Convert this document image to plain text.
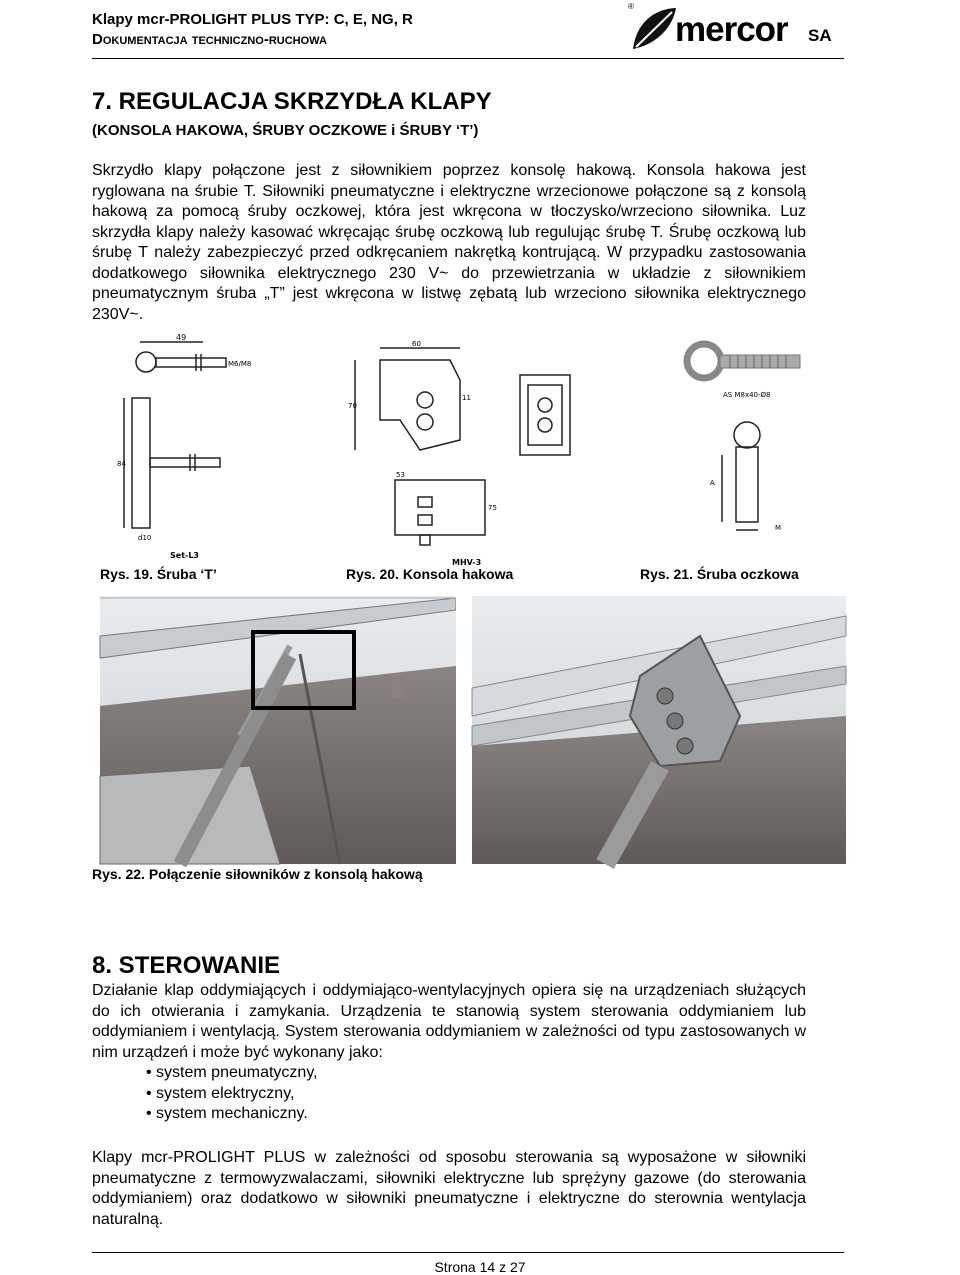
Klapy mcr-PROLIGHT PLUS TYP: C, E, NG, R
Dokumentacja techniczno-ruchowa
®
mercor SA
7. REGULACJA SKRZYDŁA KLAPY
(KONSOLA HAKOWA, ŚRUBY OCZKOWE i ŚRUBY ‘T’)

Skrzydło klapy połączone jest z siłownikiem poprzez konsolę hakową. Konsola hakowa jest ryglowana na śrubie T. Siłowniki pneumatyczne i elektryczne wrzecionowe połączone są z konsolą hakową za pomocą śruby oczkowej, która jest wkręcona w tłoczysko/wrzeciono siłownika. Luz skrzydła klapy należy kasować wkręcając śrubę oczkową lub regulując śrubę T. Śrubę oczkową lub śrubę T należy zabezpieczyć przed odkręcaniem nakrętką kontrującą. W przypadku zastosowania dodatkowego siłownika elektrycznego 230 V~ do przewietrzania w układzie z siłownikiem pneumatycznym śruba „T” jest wkręcona w listwę zębatą lub wrzeciono siłownika elektrycznego 230V~.

49
M6/M8
84
d10
Set-L3
60
70
11
75
53
MHV-3
AS M8x40-Ø8
A
M
Rys. 19. Śruba ‘T’	Rys. 20. Konsola hakowa	Rys. 21. Śruba oczkowa
Rys. 22. Połączenie siłowników z konsolą hakową
8. STEROWANIE

Działanie klap oddymiających i oddymiająco-wentylacyjnych opiera się na urządzeniach służących do ich otwierania i zamykania. Urządzenia te stanowią system sterowania oddymianiem lub oddymianiem i wentylacją. System sterowania oddymianiem w zależności od typu zastosowanych w nim urządzeń i może być wykonany jako:

• system pneumatyczny,
• system elektryczny,
• system mechaniczny.

Klapy mcr-PROLIGHT PLUS w zależności od sposobu sterowania są wyposażone w siłowniki pneumatyczne z termowyzwalaczami, siłowniki elektryczne lub sprężyny gazowe (do sterowania oddymianiem) oraz dodatkowo w siłowniki pneumatyczne i elektryczne do sterownia wentylacja naturalną.

Strona 14 z 27
